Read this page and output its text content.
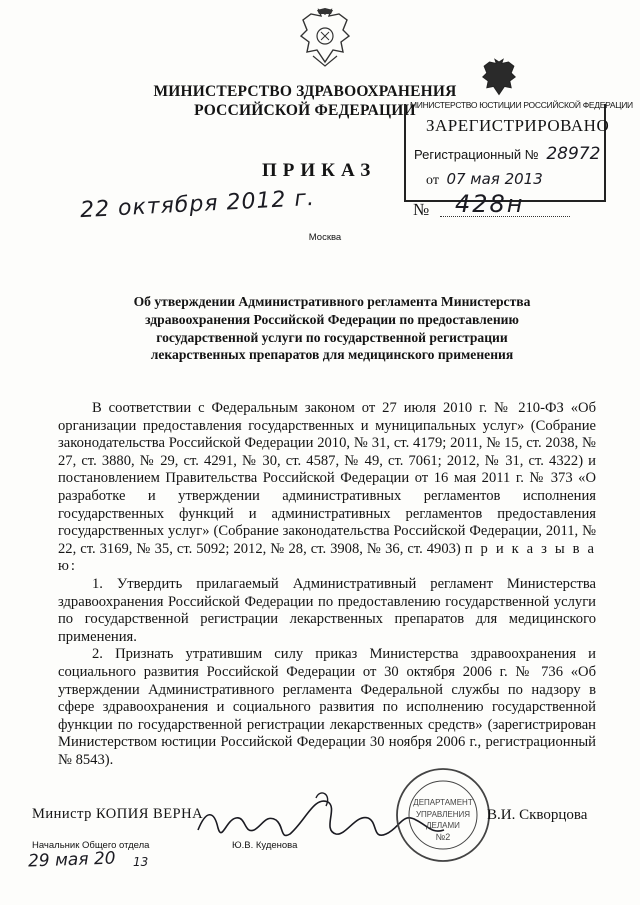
МИНИСТЕРСТВО ЗДРАВООХРАНЕНИЯ
РОССИЙСКОЙ ФЕДЕРАЦИИ
МИНИСТЕРСТВО ЮСТИЦИИ РОССИЙСКОЙ ФЕДЕРАЦИИ
ЗАРЕГИСТРИРОВАНО
Регистрационный № 28972
от 07 мая 2013
ПРИКАЗ
22 октября 2012 г.	№ 428н
Москва
Об утверждении Административного регламента Министерства
здравоохранения Российской Федерации по предоставлению
государственной услуги по государственной регистрации
лекарственных препаратов для медицинского применения

В соответствии с Федеральным законом от 27 июля 2010 г. № 210-ФЗ «Об организации предоставления государственных и муниципальных услуг» (Собрание законодательства Российской Федерации 2010, № 31, ст. 4179; 2011, № 15, ст. 2038, № 27, ст. 3880, № 29, ст. 4291, № 30, ст. 4587, № 49, ст. 7061; 2012, № 31, ст. 4322) и постановлением Правительства Российской Федерации от 16 мая 2011 г. № 373 «О разработке и утверждении административных регламентов исполнения государственных функций и административных регламентов предоставления государственных услуг» (Собрание законодательства Российской Федерации, 2011, № 22, ст. 3169, № 35, ст. 5092; 2012, № 28, ст. 3908, № 36, ст. 4903) п р и к а з ы в а ю:

1. Утвердить прилагаемый Административный регламент Министерства здравоохранения Российской Федерации по предоставлению государственной услуги по государственной регистрации лекарственных препаратов для медицинского применения.

2. Признать утратившим силу приказ Министерства здравоохранения и социального развития Российской Федерации от 30 октября 2006 г. № 736 «Об утверждении Административного регламента Федеральной службы по надзору в сфере здравоохранения и социального развития по исполнению государственной функции по государственной регистрации лекарственных средств» (зарегистрирован Министерством юстиции Российской Федерации 30 ноября 2006 г., регистрационный № 8543).

Министр КОПИЯ ВЕРНА
ДЕПАРТАМЕНТ
УПРАВЛЕНИЯ
ДЕЛАМИ
№2
В.И. Скворцова
Начальник Общего отдела	Ю.В. Куденова
29 мая 20 13
